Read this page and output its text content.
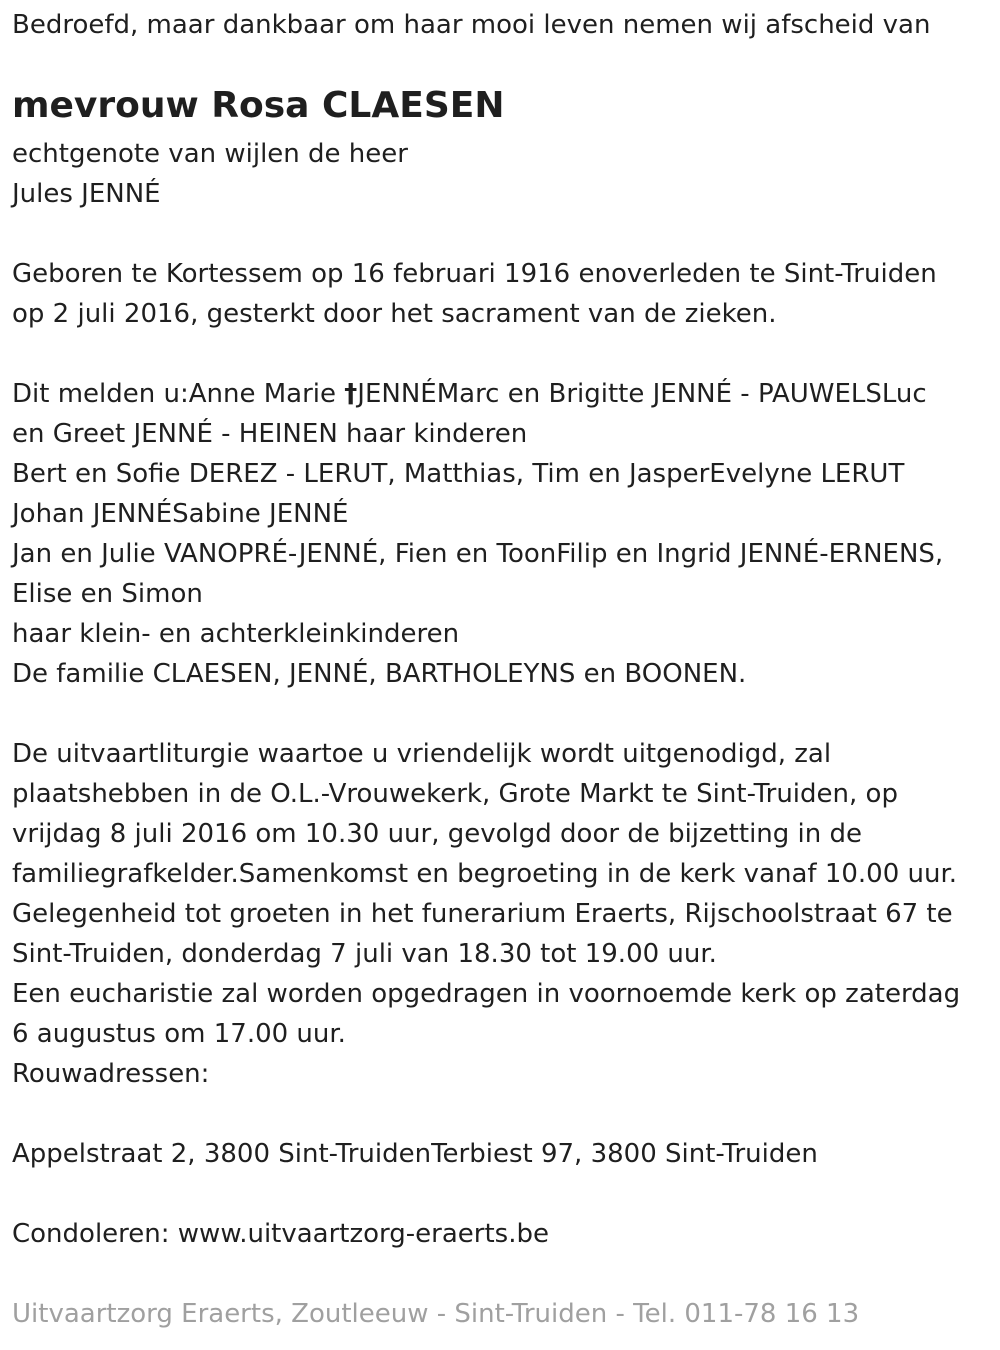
Bedroefd, maar dankbaar om haar mooi leven nemen wij afscheid van

mevrouw Rosa CLAESEN

echtgenote van wijlen de heer

Jules JENNÉ

Geboren te Kortessem op 16 februari 1916 enoverleden te Sint-Truiden

op 2 juli 2016, gesterkt door het sacrament van de zieken.

Dit melden u:Anne Marie †JENNÉMarc en Brigitte JENNÉ - PAUWELSLuc

en Greet JENNÉ - HEINEN haar kinderen

Bert en Sofie DEREZ - LERUT, Matthias, Tim en JasperEvelyne LERUT

Johan JENNÉSabine JENNÉ

Jan en Julie VANOPRÉ-JENNÉ, Fien en ToonFilip en Ingrid JENNÉ-ERNENS,

Elise en Simon

haar klein- en achterkleinkinderen

De familie CLAESEN, JENNÉ, BARTHOLEYNS en BOONEN.

De uitvaartliturgie waartoe u vriendelijk wordt uitgenodigd, zal

plaatshebben in de O.L.-Vrouwekerk, Grote Markt te Sint-Truiden, op

vrijdag 8 juli 2016 om 10.30 uur, gevolgd door de bijzetting in de

familiegrafkelder.Samenkomst en begroeting in de kerk vanaf 10.00 uur.

Gelegenheid tot groeten in het funerarium Eraerts, Rijschoolstraat 67 te

Sint-Truiden, donderdag 7 juli van 18.30 tot 19.00 uur.

Een eucharistie zal worden opgedragen in voornoemde kerk op zaterdag

6 augustus om 17.00 uur.

Rouwadressen:

Appelstraat 2, 3800 Sint-TruidenTerbiest 97, 3800 Sint-Truiden

Condoleren: www.uitvaartzorg-eraerts.be

Uitvaartzorg Eraerts, Zoutleeuw - Sint-Truiden - Tel. 011-78 16 13
